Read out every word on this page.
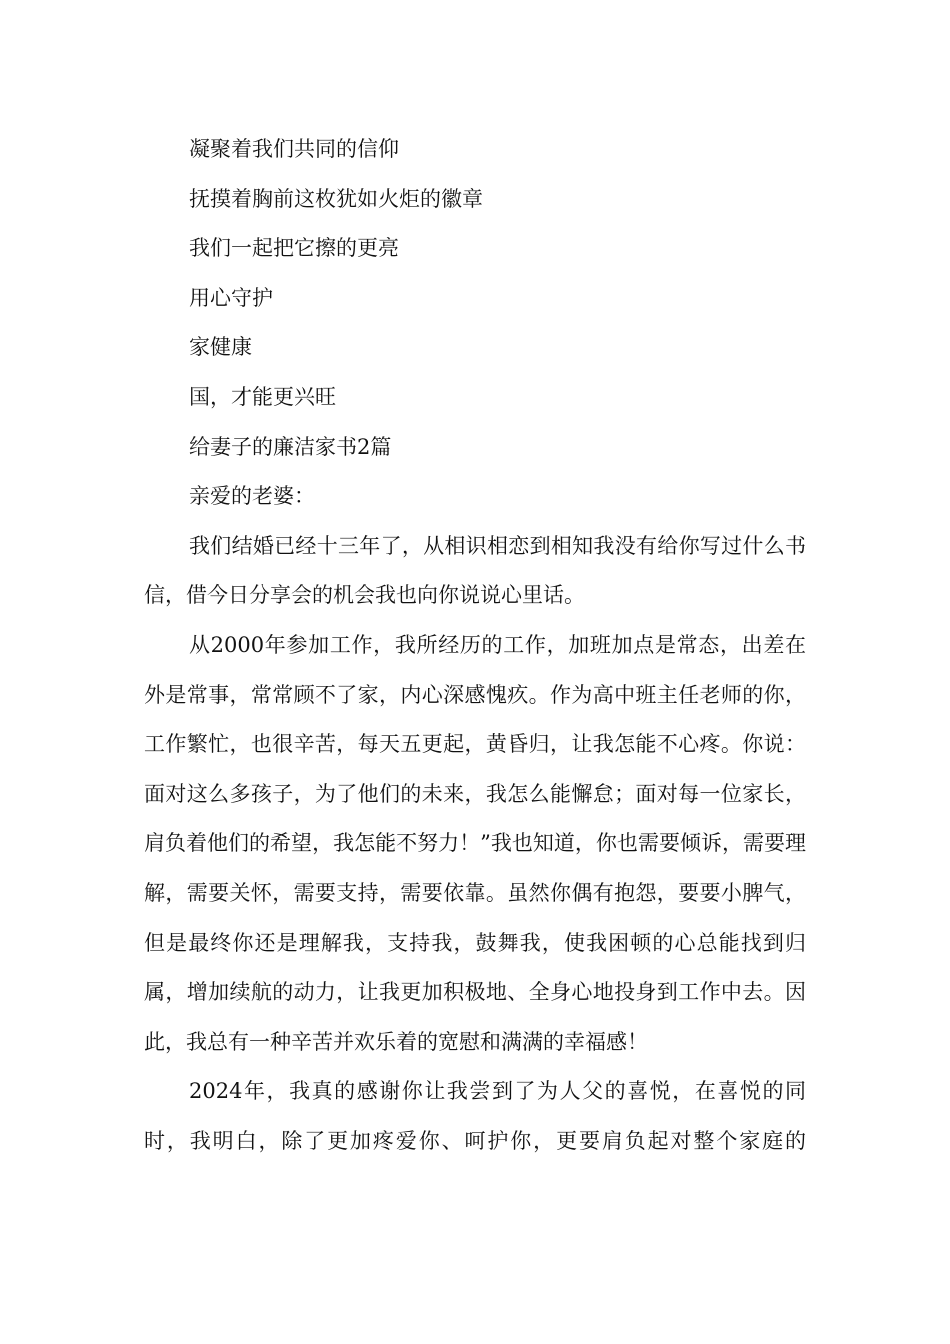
凝聚着我们共同的信仰

抚摸着胸前这枚犹如火炬的徽章

我们一起把它擦的更亮

用心守护

家健康

国，才能更兴旺

给妻子的廉洁家书2篇

亲爱的老婆：

我们结婚已经十三年了，从相识相恋到相知我没有给你写过什么书信，借今日分享会的机会我也向你说说心里话。

从2000年参加工作，我所经历的工作，加班加点是常态，出差在外是常事，常常顾不了家，内心深感愧疚。作为高中班主任老师的你，工作繁忙，也很辛苦，每天五更起，黄昏归，让我怎能不心疼。你说：面对这么多孩子，为了他们的未来，我怎么能懈怠；面对每一位家长，肩负着他们的希望，我怎能不努力！”我也知道，你也需要倾诉，需要理解，需要关怀，需要支持，需要依靠。虽然你偶有抱怨，要要小脾气，但是最终你还是理解我，支持我，鼓舞我，使我困顿的心总能找到归属，增加续航的动力，让我更加积极地、全身心地投身到工作中去。因此，我总有一种辛苦并欢乐着的宽慰和满满的幸福感！

2024年，我真的感谢你让我尝到了为人父的喜悦，在喜悦的同时，我明白，除了更加疼爱你、呵护你，更要肩负起对整个家庭的
